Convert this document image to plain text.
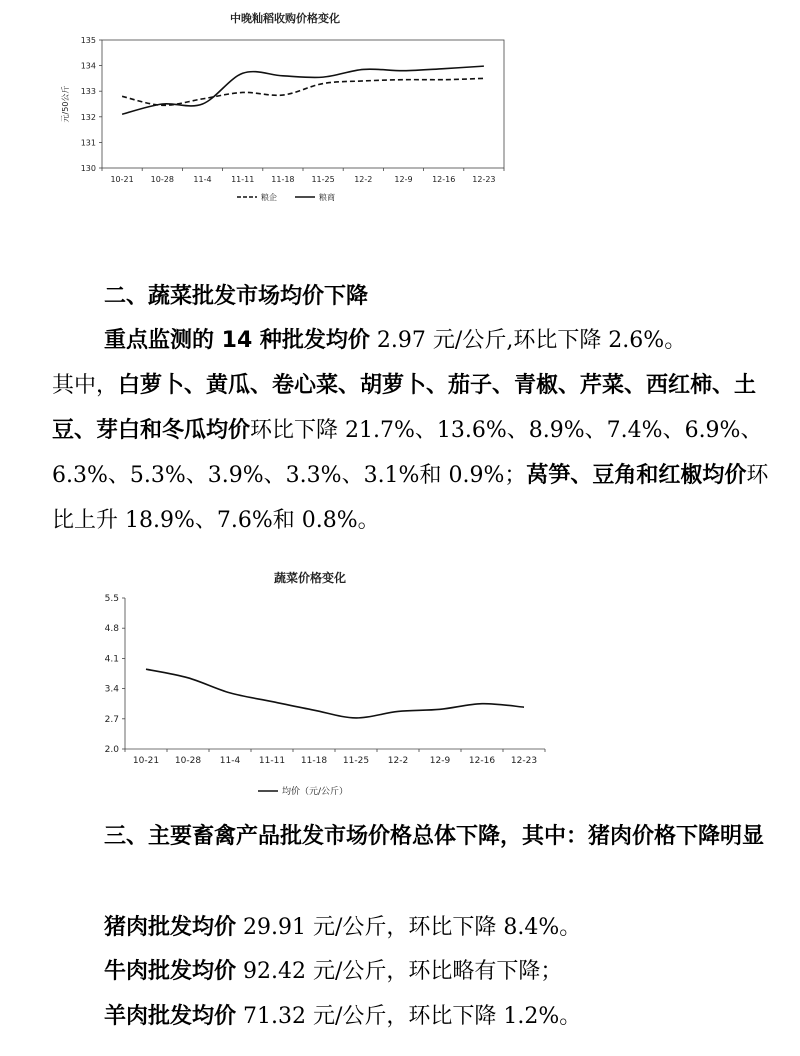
中晚籼稻收购价格变化
130
131
132
133
134
135
10-21 10-28 11-4 11-11 11-18 11-25 12-2	12-9 12-16 12-23
元/50公斤
粮企	粮商
蔬菜价格变化
2.0
2.7
3.4
4.1
4.8
5.5
10-21 10-28 11-4 11-11 11-18 11-25 12-2 12-9 12-16 12-23
均价（元/公斤）

二、蔬菜批发市场均价下降

重点监测的 14 种批发均价 2.97 元/公斤,环比下降 2.6%。

其中，白萝卜、黄瓜、卷心菜、胡萝卜、茄子、青椒、芹菜、西红柿、土豆、芽白和冬瓜均价环比下降 21.7%、13.6%、8.9%、7.4%、6.9%、6.3%、5.3%、3.9%、3.3%、3.1%和 0.9%；莴笋、豆角和红椒均价环比上升 18.9%、7.6%和 0.8%。

三、主要畜禽产品批发市场价格总体下降，其中：猪肉价格下降明显

猪肉批发均价 29.91 元/公斤，环比下降 8.4%。

牛肉批发均价 92.42 元/公斤，环比略有下降；

羊肉批发均价 71.32 元/公斤，环比下降 1.2%。
